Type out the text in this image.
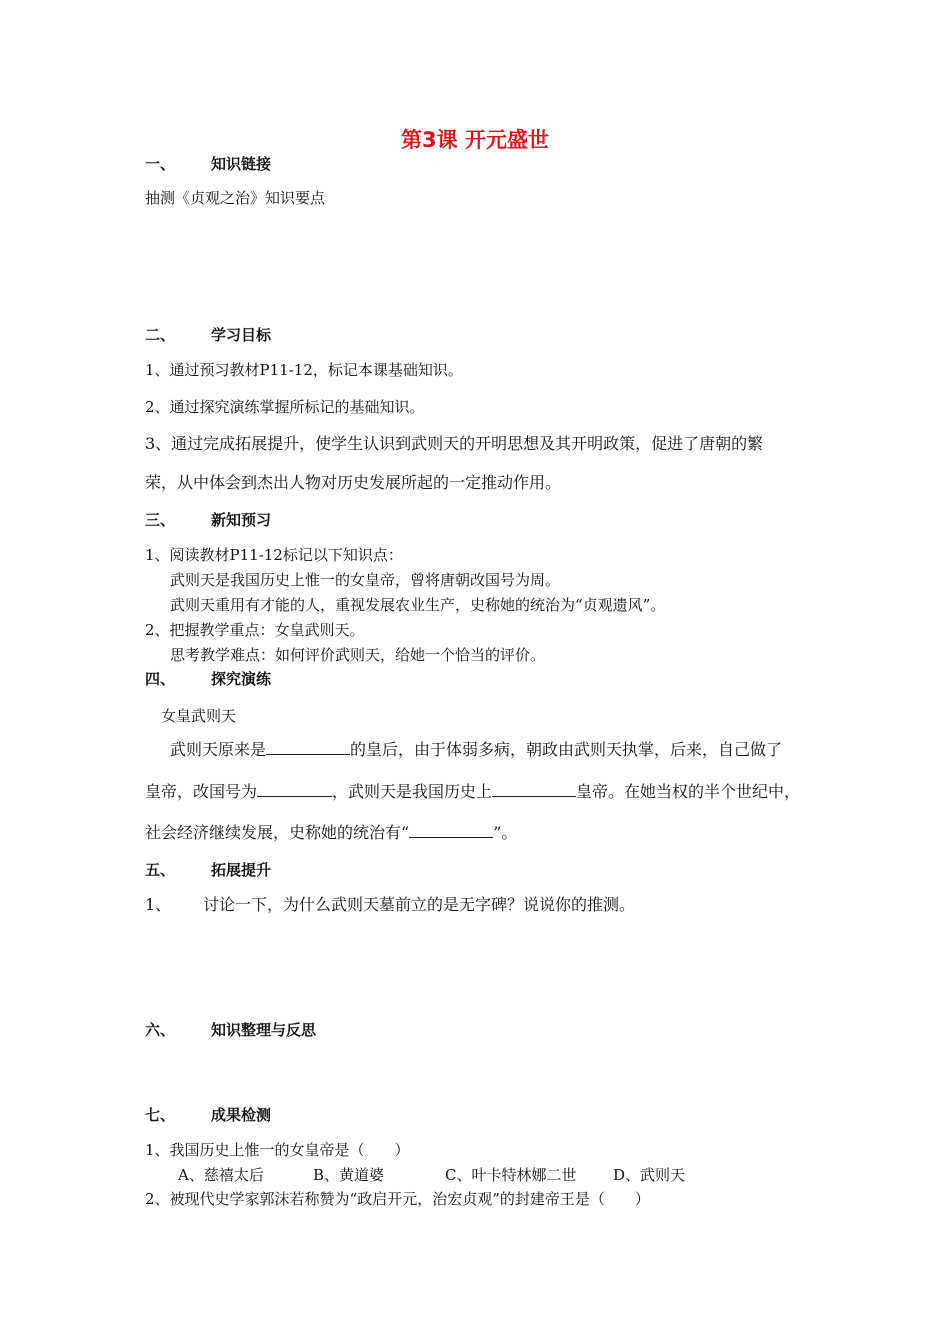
第3课 开元盛世
一、 知识链接
抽测《贞观之治》知识要点
二、 学习目标
1、通过预习教材P11-12，标记本课基础知识。
2、通过探究演练掌握所标记的基础知识。
3、通过完成拓展提升，使学生认识到武则天的开明思想及其开明政策，促进了唐朝的繁
荣，从中体会到杰出人物对历史发展所起的一定推动作用。
三、 新知预习
1、阅读教材P11-12标记以下知识点：
武则天是我国历史上惟一的女皇帝，曾将唐朝改国号为周。
武则天重用有才能的人，重视发展农业生产，史称她的统治为“贞观遗风”。
2、把握教学重点：女皇武则天。
思考教学难点：如何评价武则天，给她一个恰当的评价。
四、 探究演练
女皇武则天
武则天原来是	的皇后，由于体弱多病，朝政由武则天执掌，后来，自己做了
皇帝，改国号为	，武则天是我国历史上	皇帝。在她当权的半个世纪中，
社会经济继续发展，史称她的统治有“	”。
五、 拓展提升
1、 讨论一下，为什么武则天墓前立的是无字碑？说说你的推测。
六、 知识整理与反思
七、 成果检测
1、我国历史上惟一的女皇帝是（　　）
A、慈禧太后	B、黄道婆	C、叶卡特林娜二世 D、武则天
2、被现代史学家郭沫若称赞为“政启开元，治宏贞观”的封建帝王是（　　）
